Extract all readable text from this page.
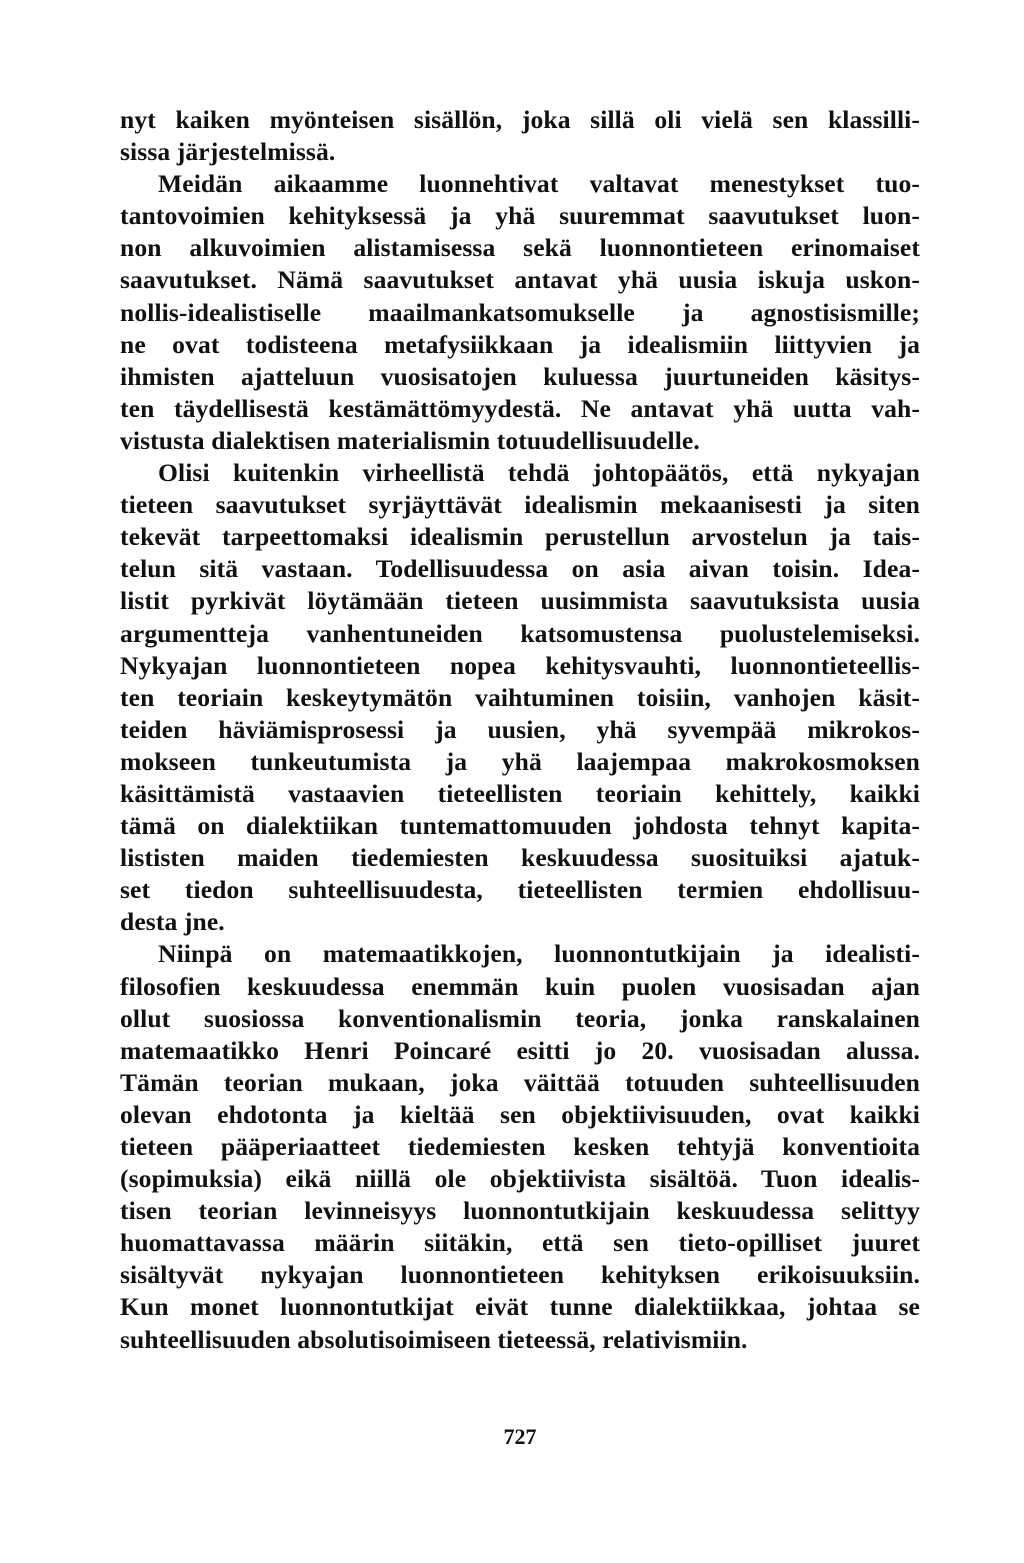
nyt kaiken myönteisen sisällön, joka sillä oli vielä sen klassilli-
sissa järjestelmissä.
Meidän aikaamme luonnehtivat valtavat menestykset tuo-
tantovoimien kehityksessä ja yhä suuremmat saavutukset luon-
non alkuvoimien alistamisessa sekä luonnontieteen erinomaiset
saavutukset. Nämä saavutukset antavat yhä uusia iskuja uskon-
nollis-idealistiselle maailmankatsomukselle ja agnostisismille;
ne ovat todisteena metafysiikkaan ja idealismiin liittyvien ja
ihmisten ajatteluun vuosisatojen kuluessa juurtuneiden käsitys-
ten täydellisestä kestämättömyydestä. Ne antavat yhä uutta vah-
vistusta dialektisen materialismin totuudellisuudelle.
Olisi kuitenkin virheellistä tehdä johtopäätös, että nykyajan
tieteen saavutukset syrjäyttävät idealismin mekaanisesti ja siten
tekevät tarpeettomaksi idealismin perustellun arvostelun ja tais-
telun sitä vastaan. Todellisuudessa on asia aivan toisin. Idea-
listit pyrkivät löytämään tieteen uusimmista saavutuksista uusia
argumentteja vanhentuneiden katsomustensa puolustelemiseksi.
Nykyajan luonnontieteen nopea kehitysvauhti, luonnontieteellis-
ten teoriain keskeytymätön vaihtuminen toisiin, vanhojen käsit-
teiden häviämisprosessi ja uusien, yhä syvempää mikrokos-
mokseen tunkeutumista ja yhä laajempaa makrokosmoksen
käsittämistä vastaavien tieteellisten teoriain kehittely, kaikki
tämä on dialektiikan tuntemattomuuden johdosta tehnyt kapita-
lististen maiden tiedemiesten keskuudessa suosituiksi ajatuk-
set tiedon suhteellisuudesta, tieteellisten termien ehdollisuu-
desta jne.
Niinpä on matemaatikkojen, luonnontutkijain ja idealisti-
filosofien keskuudessa enemmän kuin puolen vuosisadan ajan
ollut suosiossa konventionalismin teoria, jonka ranskalainen
matemaatikko Henri Poincaré esitti jo 20. vuosisadan alussa.
Tämän teorian mukaan, joka väittää totuuden suhteellisuuden
olevan ehdotonta ja kieltää sen objektiivisuuden, ovat kaikki
tieteen pääperiaatteet tiedemiesten kesken tehtyjä konventioita
(sopimuksia) eikä niillä ole objektiivista sisältöä. Tuon idealis-
tisen teorian levinneisyys luonnontutkijain keskuudessa selittyy
huomattavassa määrin siitäkin, että sen tieto-opilliset juuret
sisältyvät nykyajan luonnontieteen kehityksen erikoisuuksiin.
Kun monet luonnontutkijat eivät tunne dialektiikkaa, johtaa se
suhteellisuuden absolutisoimiseen tieteessä, relativismiin.
727
